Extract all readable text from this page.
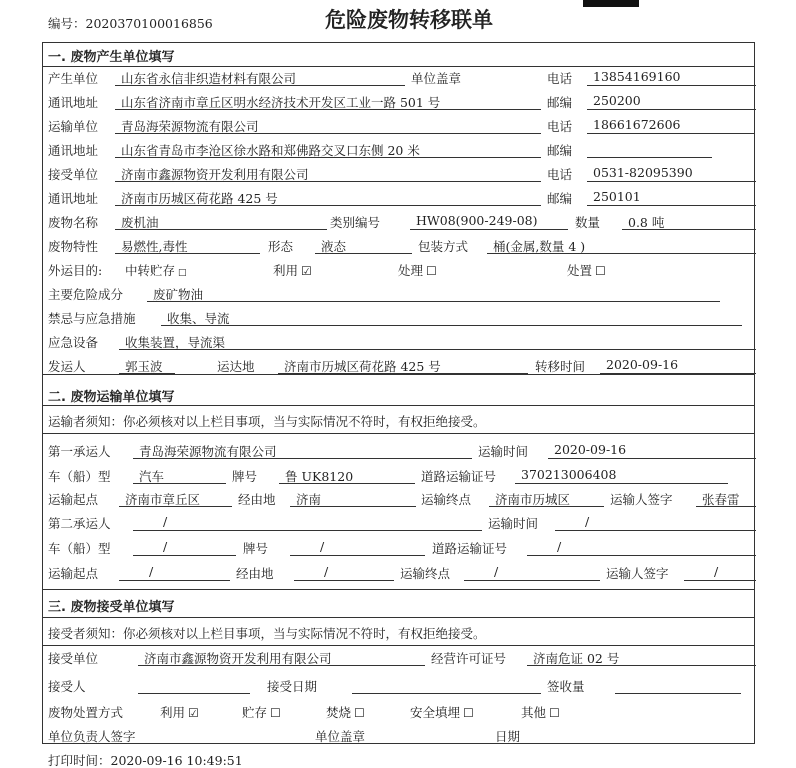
编号：2020370100016856	危险废物转移联单
一. 废物产生单位填写
产生单位	山东省永信非织造材料有限公司	单位盖章	电话	13854169160
通讯地址	山东省济南市章丘区明水经济技术开发区工业一路 501 号	邮编	250200
运输单位	青岛海荣源物流有限公司	电话	18661672606
通讯地址	山东省青岛市李沧区徐水路和郑佛路交叉口东侧 20 米	邮编
接受单位	济南市鑫源物资开发利用有限公司	电话	0531-82095390
通讯地址	济南市历城区荷花路 425 号	邮编	250101
废物名称	废机油	类别编号	HW08(900-249-08)	数量	0.8 吨
废物特性	易燃性,毒性	形态	液态	包装方式	桶(金属,数量 4 )
外运目的: 中转贮存 □	利用 ☑	处理 ☐	处置 ☐
主要危险成分	废矿物油
禁忌与应急措施	收集、导流
应急设备	收集装置，导流渠
发运人	郭玉波	运达地	济南市历城区荷花路 425 号	转移时间	2020-09-16
二. 废物运输单位填写
运输者须知：你必须核对以上栏目事项，当与实际情况不符时，有权拒绝接受。
第一承运人	青岛海荣源物流有限公司	运输时间	2020-09-16
车（船）型	汽车	牌号	鲁 UK8120	道路运输证号	370213006408
运输起点	济南市章丘区	经由地	济南	运输终点	济南市历城区	运输人签字	张春雷
第二承运人	/	运输时间	/
车（船）型	/	牌号	/	道路运输证号	/
运输起点	/	经由地	/	运输终点	/	运输人签字	/
三. 废物接受单位填写
接受者须知：你必须核对以上栏目事项，当与实际情况不符时，有权拒绝接受。
接受单位	济南市鑫源物资开发利用有限公司	经营许可证号	济南危证 02 号
接受人	接受日期	签收量
废物处置方式	利用 ☑	贮存 ☐	焚烧 ☐	安全填埋 ☐	其他 ☐
单位负责人签字	单位盖章	日期
打印时间：2020-09-16 10:49:51
